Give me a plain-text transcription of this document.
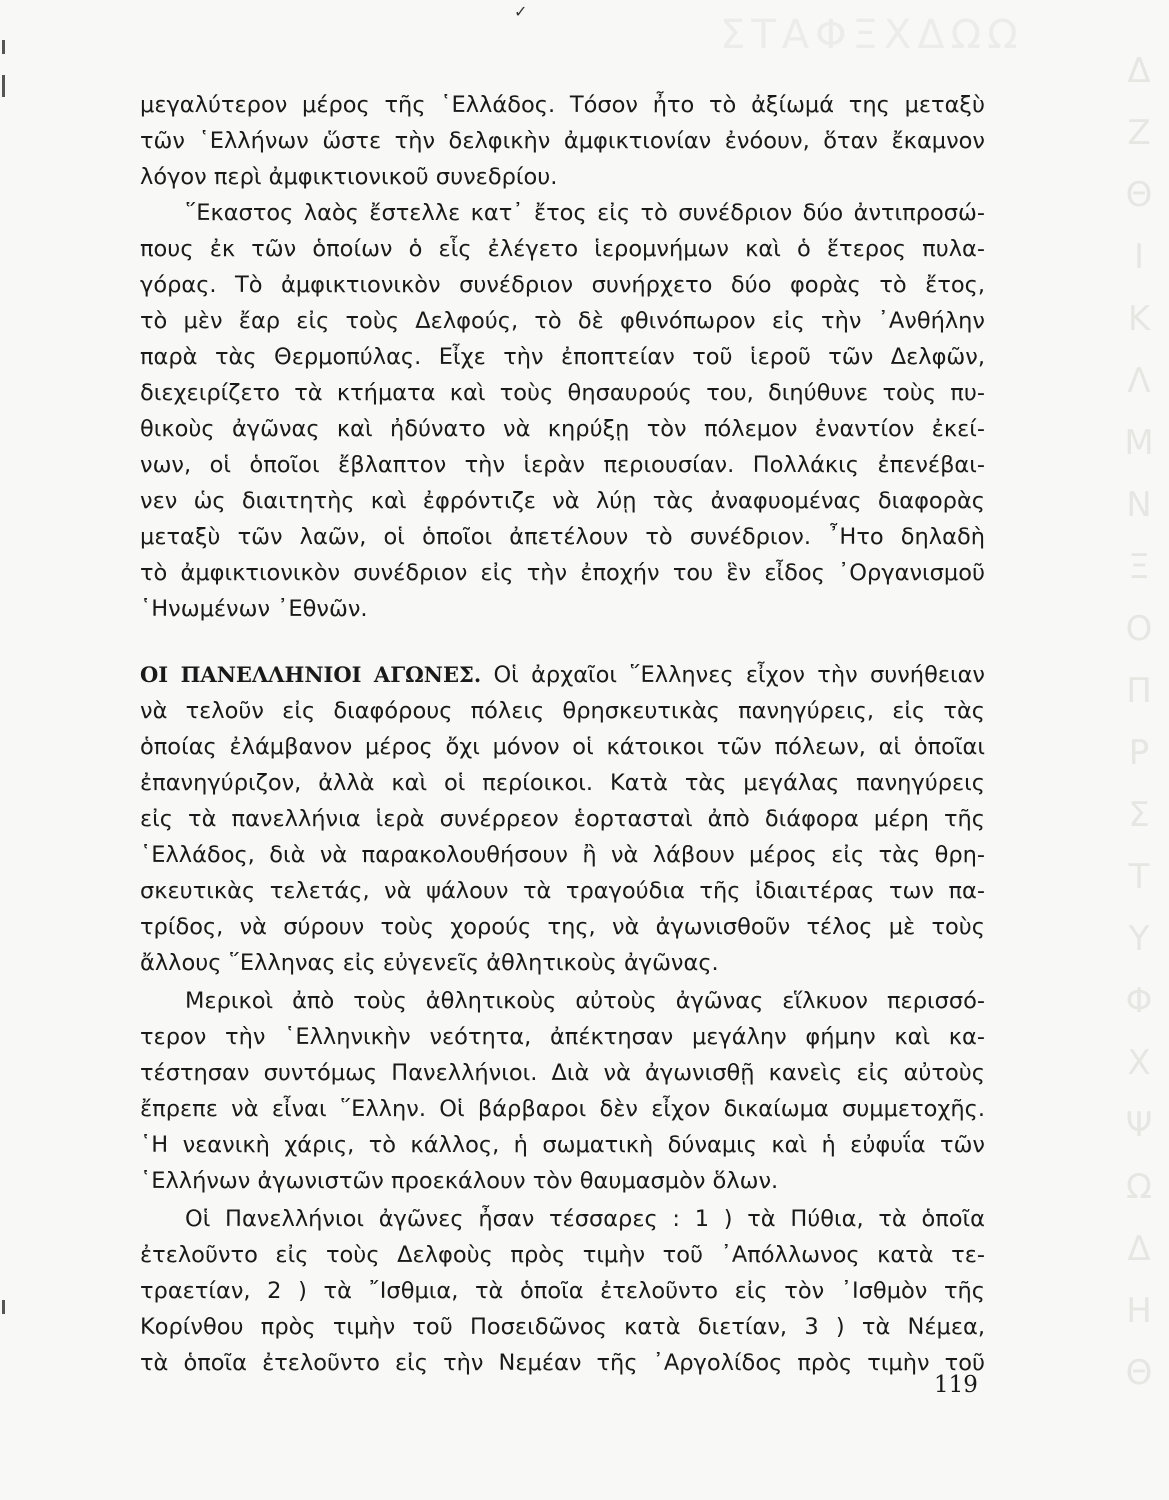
ΣΤΑΦΞΧΔΩΩ
Δ
Ζ
Θ
Ι
Κ
Λ
Μ
Ν
Ξ
Ο
Π
Ρ
Σ
Τ
Υ
Φ
Χ
Ψ
Ω
Δ
Η
Θ
✓
μεγαλύτερον μέρος τῆς ῾Ελλάδος. Τόσον ἦτο τὸ ἀξίωμά της μεταξὺ
τῶν ῾Ελλήνων ὥστε τὴν δελφικὴν ἀμφικτιονίαν ἐνόουν, ὅταν ἔκαμνον
λόγον περὶ ἀμφικτιονικοῦ συνεδρίου.
῞Εκαστος λαὸς ἔστελλε κατ᾽ ἔτος εἰς τὸ συνέδριον δύο ἀντιπροσώ-
πους ἐκ τῶν ὁποίων ὁ εἷς ἐλέγετο ἱερομνήμων καὶ ὁ ἕτερος πυλα-
γόρας. Τὸ ἀμφικτιονικὸν συνέδριον συνήρχετο δύο φορὰς τὸ ἔτος,
τὸ μὲν ἔαρ εἰς τοὺς Δελφούς, τὸ δὲ φθινόπωρον εἰς τὴν ᾽Ανθήλην
παρὰ τὰς Θερμοπύλας. Εἶχε τὴν ἐποπτείαν τοῦ ἱεροῦ τῶν Δελφῶν,
διεχειρίζετο τὰ κτήματα καὶ τοὺς θησαυρούς του, διηύθυνε τοὺς πυ-
θικοὺς ἀγῶνας καὶ ἠδύνατο νὰ κηρύξῃ τὸν πόλεμον ἐναντίον ἐκεί-
νων, οἱ ὁποῖοι ἔβλαπτον τὴν ἱερὰν περιουσίαν. Πολλάκις ἐπενέβαι-
νεν ὡς διαιτητὴς καὶ ἐφρόντιζε νὰ λύῃ τὰς ἀναφυομένας διαφορὰς
μεταξὺ τῶν λαῶν, οἱ ὁποῖοι ἀπετέλουν τὸ συνέδριον. ῏Ητο δηλαδὴ
τὸ ἀμφικτιονικὸν συνέδριον εἰς τὴν ἐποχήν του ἓν εἶδος ᾽Οργανισμοῦ
῾Ηνωμένων ᾽Εθνῶν.
ΟΙ ΠΑΝΕΛΛΗΝΙΟΙ ΑΓΩΝΕΣ. Οἱ ἀρχαῖοι ῞Ελληνες εἶχον τὴν συνήθειαν
νὰ τελοῦν εἰς διαφόρους πόλεις θρησκευτικὰς πανηγύρεις, εἰς τὰς
ὁποίας ἐλάμβανον μέρος ὄχι μόνον οἱ κάτοικοι τῶν πόλεων, αἱ ὁποῖαι
ἐπανηγύριζον, ἀλλὰ καὶ οἱ περίοικοι. Κατὰ τὰς μεγάλας πανηγύρεις
εἰς τὰ πανελλήνια ἱερὰ συνέρρεον ἑορτασταὶ ἀπὸ διάφορα μέρη τῆς
῾Ελλάδος, διὰ νὰ παρακολουθήσουν ἢ νὰ λάβουν μέρος εἰς τὰς θρη-
σκευτικὰς τελετάς, νὰ ψάλουν τὰ τραγούδια τῆς ἰδιαιτέρας των πα-
τρίδος, νὰ σύρουν τοὺς χορούς της, νὰ ἀγωνισθοῦν τέλος μὲ τοὺς
ἄλλους ῞Ελληνας εἰς εὐγενεῖς ἀθλητικοὺς ἀγῶνας.
Μερικοὶ ἀπὸ τοὺς ἀθλητικοὺς αὐτοὺς ἀγῶνας εἵλκυον περισσό-
τερον τὴν ῾Ελληνικὴν νεότητα, ἀπέκτησαν μεγάλην φήμην καὶ κα-
τέστησαν συντόμως Πανελλήνιοι. Διὰ νὰ ἀγωνισθῇ κανεὶς εἰς αὐτοὺς
ἔπρεπε νὰ εἶναι ῞Ελλην. Οἱ βάρβαροι δὲν εἶχον δικαίωμα συμμετοχῆς.
῾Η νεανικὴ χάρις, τὸ κάλλος, ἡ σωματικὴ δύναμις καὶ ἡ εὐφυΐα τῶν
῾Ελλήνων ἀγωνιστῶν προεκάλουν τὸν θαυμασμὸν ὅλων.
Οἱ Πανελλήνιοι ἀγῶνες ἦσαν τέσσαρες : 1 ) τὰ Πύθια, τὰ ὁποῖα
ἐτελοῦντο εἰς τοὺς Δελφοὺς πρὸς τιμὴν τοῦ ᾽Απόλλωνος κατὰ τε-
τραετίαν, 2 ) τὰ ῎Ισθμια, τὰ ὁποῖα ἐτελοῦντο εἰς τὸν ᾽Ισθμὸν τῆς
Κορίνθου πρὸς τιμὴν τοῦ Ποσειδῶνος κατὰ διετίαν, 3 ) τὰ Νέμεα,
τὰ ὁποῖα ἐτελοῦντο εἰς τὴν Νεμέαν τῆς ᾽Αργολίδος πρὸς τιμὴν τοῦ
119
